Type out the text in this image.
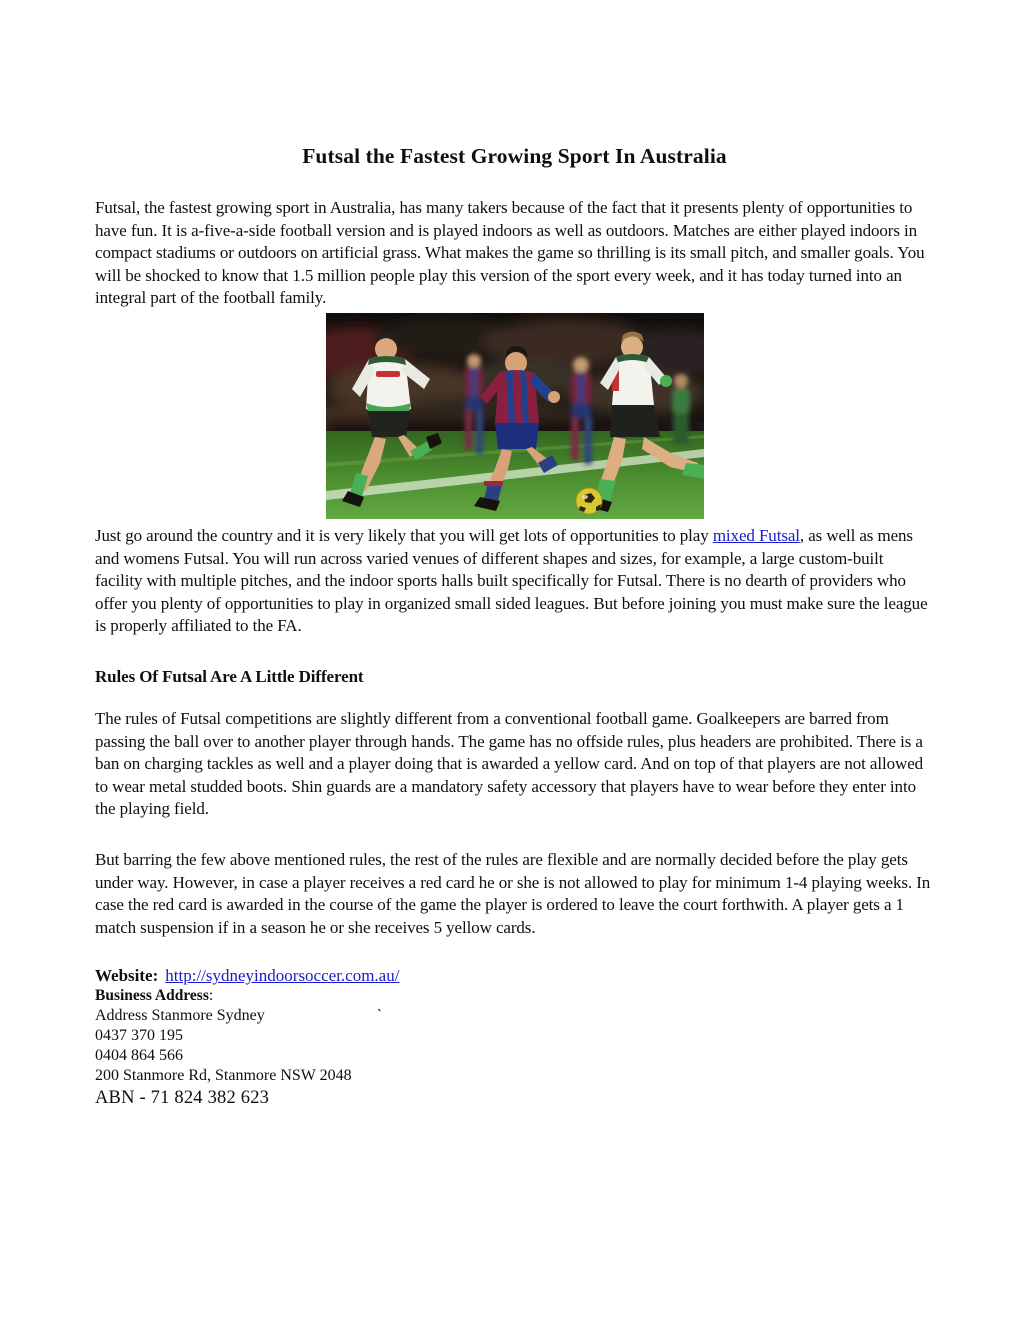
Futsal the Fastest Growing Sport In Australia

Futsal, the fastest growing sport in Australia, has many takers because of the fact that it presents plenty of opportunities to have fun. It is a-five-a-side football version and is played indoors as well as outdoors. Matches are either played indoors in compact stadiums or outdoors on artificial grass. What makes the game so thrilling is its small pitch, and smaller goals. You will be shocked to know that 1.5 million people play this version of the sport every week, and it has today turned into an integral part of the football family.

Just go around the country and it is very likely that you will get lots of opportunities to play mixed Futsal, as well as mens and womens Futsal. You will run across varied venues of different shapes and sizes, for example, a large custom-built facility with multiple pitches, and the indoor sports halls built specifically for Futsal. There is no dearth of providers who offer you plenty of opportunities to play in organized small sided leagues. But before joining you must make sure the league is properly affiliated to the FA.

Rules Of Futsal Are A Little Different

The rules of Futsal competitions are slightly different from a conventional football game. Goalkeepers are barred from passing the ball over to another player through hands. The game has no offside rules, plus headers are prohibited. There is a ban on charging tackles as well and a player doing that is awarded a yellow card. And on top of that players are not allowed to wear metal studded boots. Shin guards are a mandatory safety accessory that players have to wear before they enter into the playing field.

But barring the few above mentioned rules, the rest of the rules are flexible and are normally decided before the play gets under way. However, in case a player receives a red card he or she is not allowed to play for minimum 1-4 playing weeks. In case the red card is awarded in the course of the game the player is ordered to leave the court forthwith. A player gets a 1 match suspension if in a season he or she receives 5 yellow cards.

Website: http://sydneyindoorsoccer.com.au/
Business Address:
Address Stanmore Sydney	`
0437 370 195
0404 864 566
200 Stanmore Rd, Stanmore NSW 2048
ABN - 71 824 382 623
